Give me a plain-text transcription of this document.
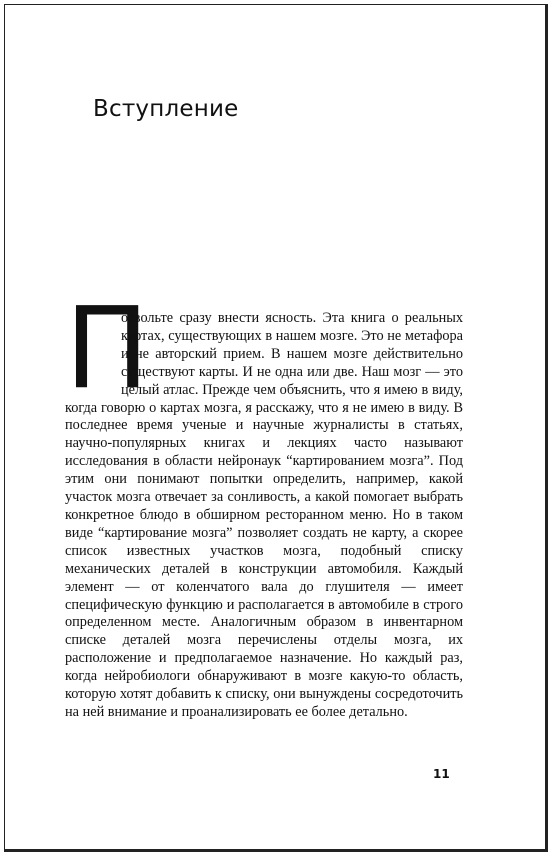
Вступление
П

озвольте сразу внести ясность. Эта книга о реальных картах, существующих в нашем мозге. Это не метафора и не авторский прием. В нашем мозге действительно существуют карты. И не одна или две. Наш мозг — это целый атлас. Прежде чем объяснить, что я имею в виду, когда говорю о картах мозга, я расскажу, что я не имею в виду. В последнее время ученые и научные журналисты в статьях, научно-популярных книгах и лекциях часто называют исследования в области нейронаук “картированием мозга”. Под этим они понимают попытки определить, например, какой участок мозга отвечает за сонливость, а какой помогает выбрать конкретное блюдо в обширном ресторанном меню. Но в таком виде “картирование мозга” позволяет создать не карту, а скорее список известных участков мозга, подобный списку механических деталей в конструкции автомобиля. Каждый элемент — от коленчатого вала до глушителя — имеет специфическую функцию и располагается в автомобиле в строго определенном месте. Аналогичным образом в инвентарном списке деталей мозга перечислены отделы мозга, их расположение и предполагаемое назначение. Но каждый раз, когда нейробиологи обнаруживают в мозге какую-то область, которую хотят добавить к списку, они вынуждены сосредоточить на ней внимание и проанализировать ее более детально.

11
